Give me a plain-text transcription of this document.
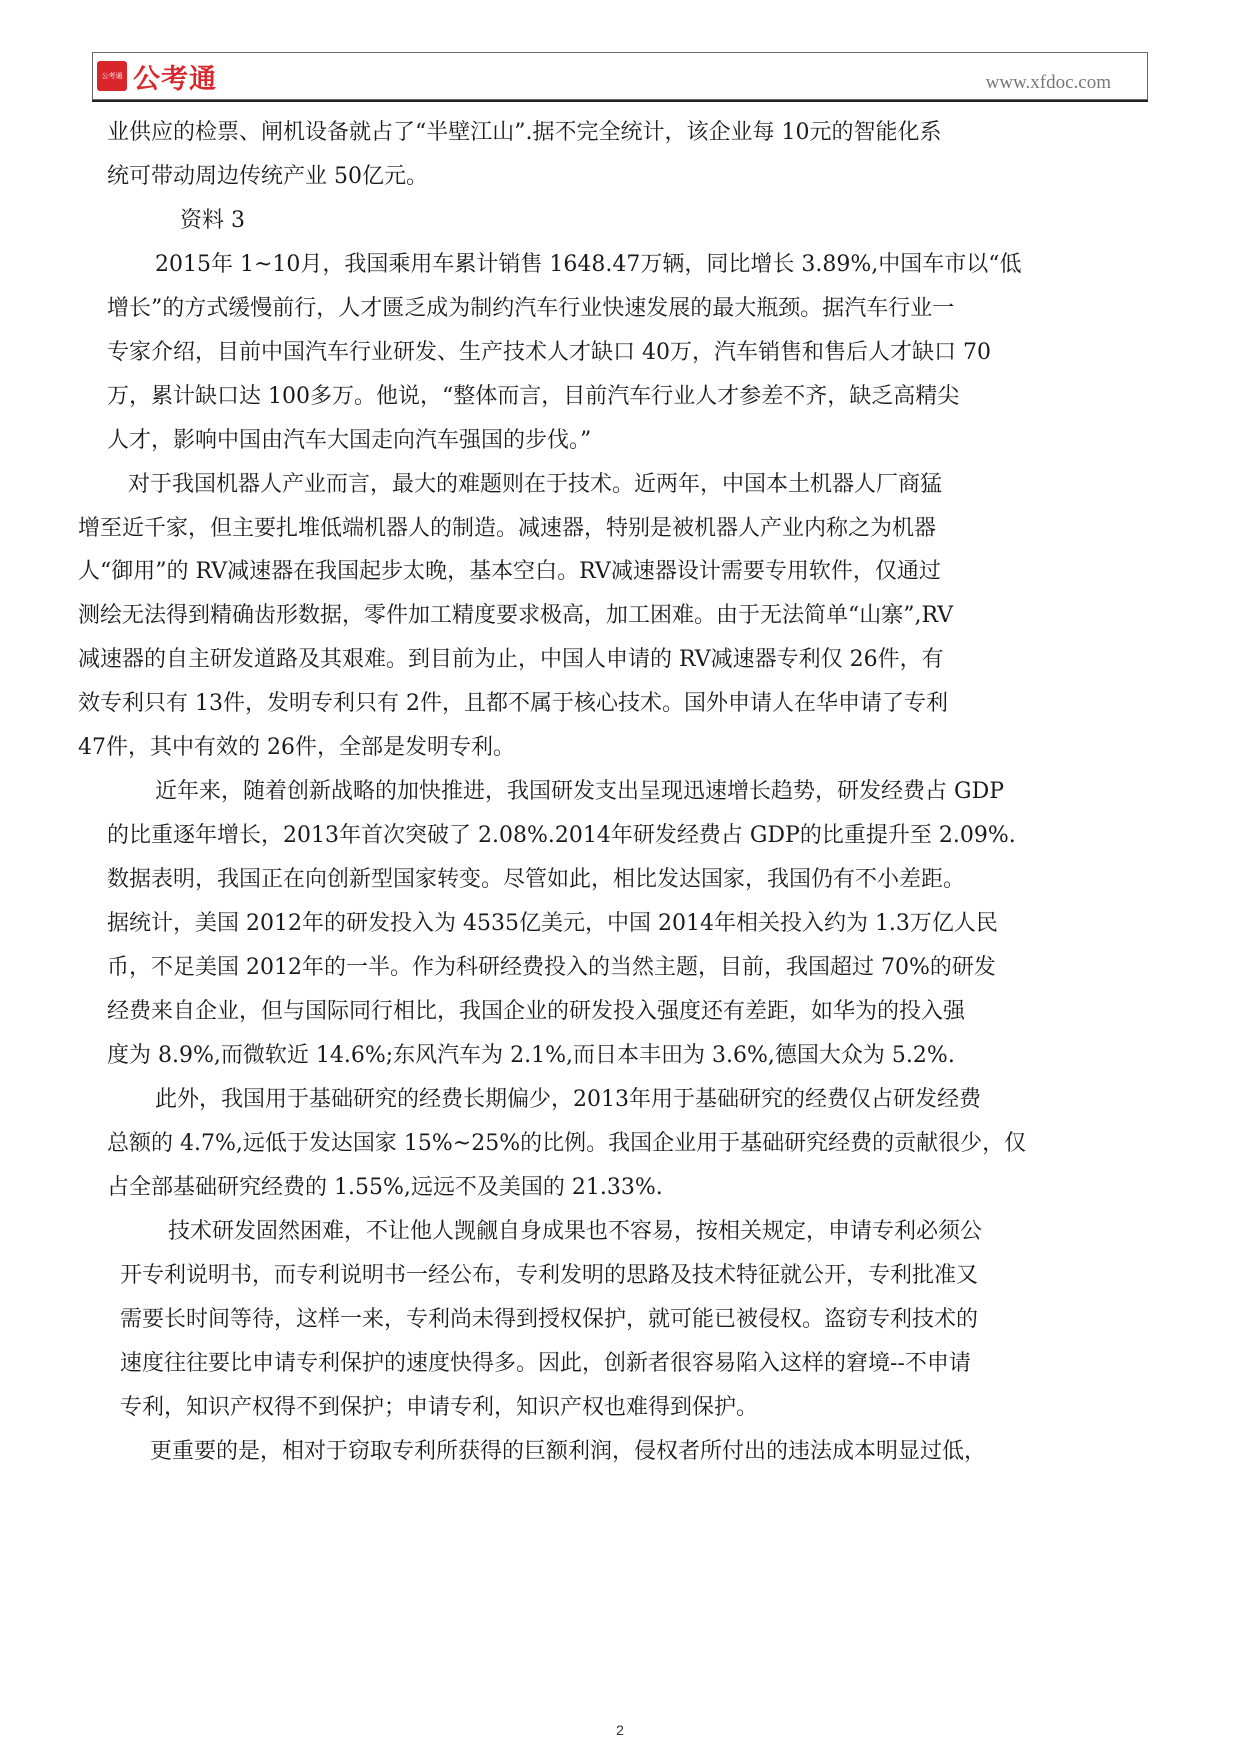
公考通 公考通	www.xfdoc.com
业供应的检票、闸机设备就占了“半壁江山”.据不完全统计，该企业每 10元的智能化系
统可带动周边传统产业 50亿元。
资料 3
2015年 1~10月，我国乘用车累计销售 1648.47万辆，同比增长 3.89%,中国车市以“低
增长”的方式缓慢前行，人才匮乏成为制约汽车行业快速发展的最大瓶颈。据汽车行业一
专家介绍，目前中国汽车行业研发、生产技术人才缺口 40万，汽车销售和售后人才缺口 70
万，累计缺口达 100多万。他说，“整体而言，目前汽车行业人才参差不齐，缺乏高精尖
人才，影响中国由汽车大国走向汽车强国的步伐。”
对于我国机器人产业而言，最大的难题则在于技术。近两年，中国本土机器人厂商猛
增至近千家，但主要扎堆低端机器人的制造。减速器，特别是被机器人产业内称之为机器
人“御用”的 RV减速器在我国起步太晚，基本空白。RV减速器设计需要专用软件，仅通过
测绘无法得到精确齿形数据，零件加工精度要求极高，加工困难。由于无法简单“山寨”,RV
减速器的自主研发道路及其艰难。到目前为止，中国人申请的 RV减速器专利仅 26件，有
效专利只有 13件，发明专利只有 2件，且都不属于核心技术。国外申请人在华申请了专利
47件，其中有效的 26件，全部是发明专利。
近年来，随着创新战略的加快推进，我国研发支出呈现迅速增长趋势，研发经费占 GDP
的比重逐年增长，2013年首次突破了 2.08%.2014年研发经费占 GDP的比重提升至 2.09%.
数据表明，我国正在向创新型国家转变。尽管如此，相比发达国家，我国仍有不小差距。
据统计，美国 2012年的研发投入为 4535亿美元，中国 2014年相关投入约为 1.3万亿人民
币，不足美国 2012年的一半。作为科研经费投入的当然主题，目前，我国超过 70%的研发
经费来自企业，但与国际同行相比，我国企业的研发投入强度还有差距，如华为的投入强
度为 8.9%,而微软近 14.6%;东风汽车为 2.1%,而日本丰田为 3.6%,德国大众为 5.2%.
此外，我国用于基础研究的经费长期偏少，2013年用于基础研究的经费仅占研发经费
总额的 4.7%,远低于发达国家 15%~25%的比例。我国企业用于基础研究经费的贡献很少，仅
占全部基础研究经费的 1.55%,远远不及美国的 21.33%.
技术研发固然困难，不让他人觊觎自身成果也不容易，按相关规定，申请专利必须公
开专利说明书，而专利说明书一经公布，专利发明的思路及技术特征就公开，专利批准又
需要长时间等待，这样一来，专利尚未得到授权保护，就可能已被侵权。盗窃专利技术的
速度往往要比申请专利保护的速度快得多。因此，创新者很容易陷入这样的窘境--不申请
专利，知识产权得不到保护；申请专利，知识产权也难得到保护。
更重要的是，相对于窃取专利所获得的巨额利润，侵权者所付出的违法成本明显过低，
2
